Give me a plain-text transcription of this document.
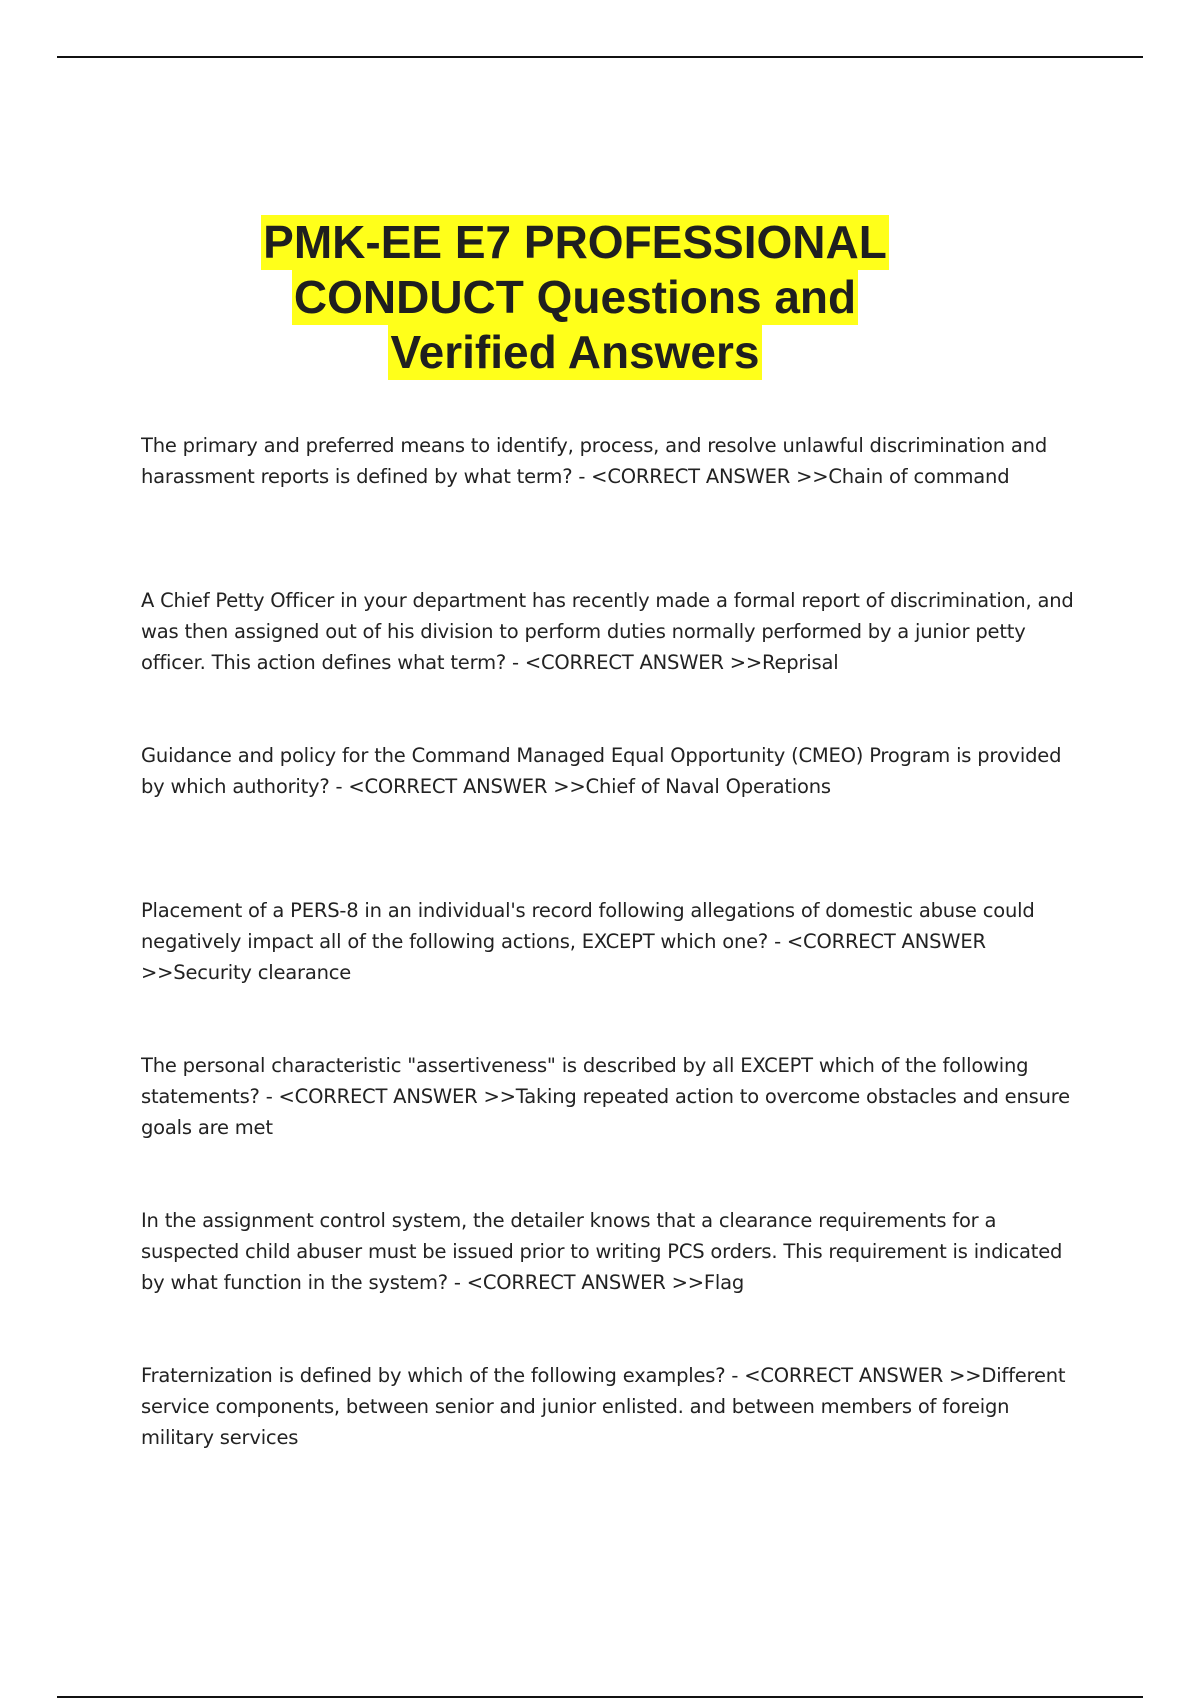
PMK-EE E7 PROFESSIONAL
CONDUCT Questions and
Verified Answers
The primary and preferred means to identify, process, and resolve unlawful discrimination and harassment reports is defined by what term? - <CORRECT ANSWER >>Chain of command
A Chief Petty Officer in your department has recently made a formal report of discrimination, and was then assigned out of his division to perform duties normally performed by a junior petty officer. This action defines what term? - <CORRECT ANSWER >>Reprisal
Guidance and policy for the Command Managed Equal Opportunity (CMEO) Program is provided by which authority? - <CORRECT ANSWER >>Chief of Naval Operations
Placement of a PERS-8 in an individual's record following allegations of domestic abuse could negatively impact all of the following actions, EXCEPT which one? - <CORRECT ANSWER >>Security clearance
The personal characteristic "assertiveness" is described by all EXCEPT which of the following statements? - <CORRECT ANSWER >>Taking repeated action to overcome obstacles and ensure goals are met
In the assignment control system, the detailer knows that a clearance requirements for a suspected child abuser must be issued prior to writing PCS orders. This requirement is indicated by what function in the system? - <CORRECT ANSWER >>Flag
Fraternization is defined by which of the following examples? - <CORRECT ANSWER >>Different service components, between senior and junior enlisted. and between members of foreign military services
